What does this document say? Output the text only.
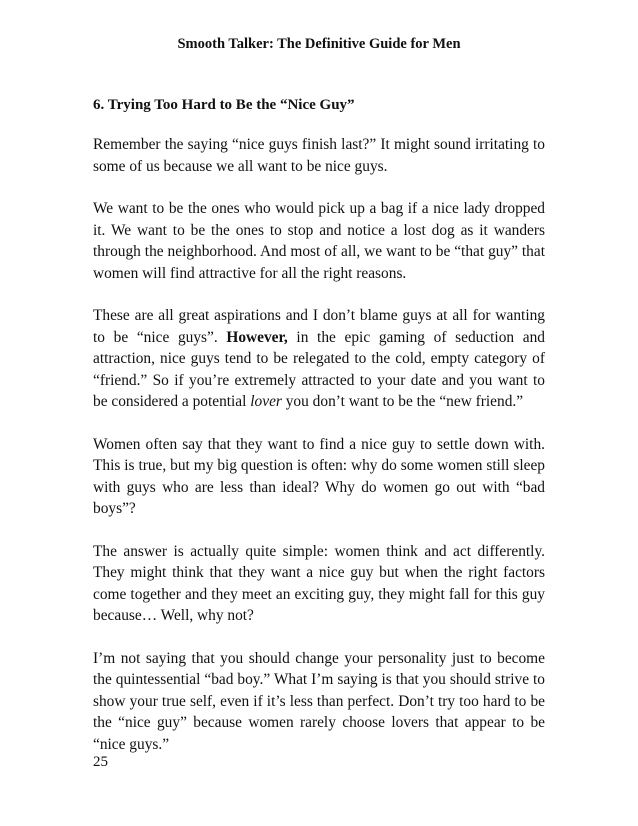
Smooth Talker: The Definitive Guide for Men
6. Trying Too Hard to Be the “Nice Guy”

Remember the saying “nice guys finish last?” It might sound irritating to some of us because we all want to be nice guys.

We want to be the ones who would pick up a bag if a nice lady dropped it. We want to be the ones to stop and notice a lost dog as it wanders through the neighborhood. And most of all, we want to be “that guy” that women will find attractive for all the right reasons.

These are all great aspirations and I don’t blame guys at all for wanting to be “nice guys”. However, in the epic gaming of seduction and attraction, nice guys tend to be relegated to the cold, empty category of “friend.” So if you’re extremely attracted to your date and you want to be considered a potential lover you don’t want to be the “new friend.”

Women often say that they want to find a nice guy to settle down with. This is true, but my big question is often: why do some women still sleep with guys who are less than ideal? Why do women go out with “bad boys”?

The answer is actually quite simple: women think and act differently. They might think that they want a nice guy but when the right factors come together and they meet an exciting guy, they might fall for this guy because… Well, why not?

I’m not saying that you should change your personality just to become the quintessential “bad boy.” What I’m saying is that you should strive to show your true self, even if it’s less than perfect. Don’t try too hard to be the “nice guy” because women rarely choose lovers that appear to be “nice guys.”

25
